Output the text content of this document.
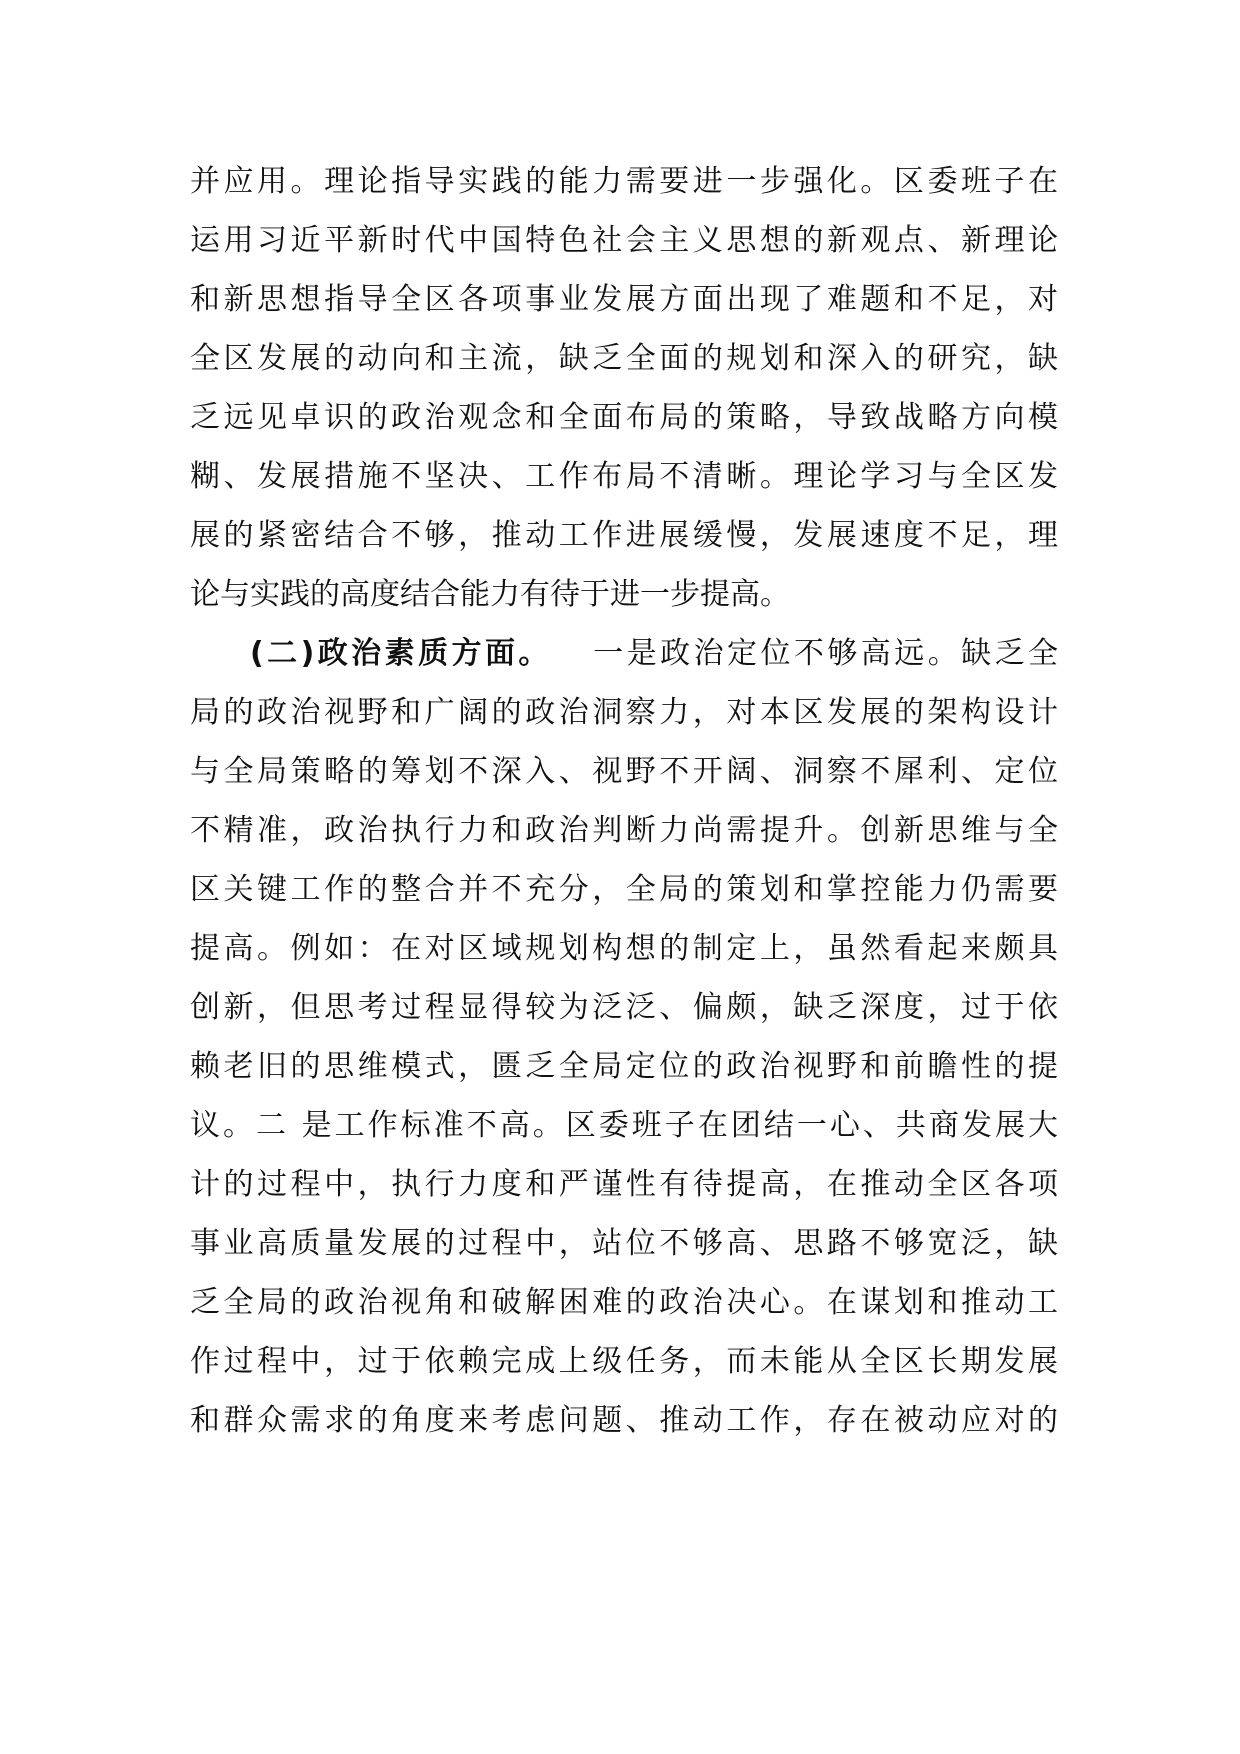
并应用。理论指导实践的能力需要进一步强化。区委班子在
运用习近平新时代中国特色社会主义思想的新观点、新理论
和新思想指导全区各项事业发展方面出现了难题和不足，对
全区发展的动向和主流，缺乏全面的规划和深入的研究，缺
乏远见卓识的政治观念和全面布局的策略，导致战略方向模
糊、发展措施不坚决、工作布局不清晰。理论学习与全区发
展的紧密结合不够，推动工作进展缓慢，发展速度不足，理
论与实践的高度结合能力有待于进一步提高。
(二)政治素质方面。 一是政治定位不够高远。缺乏全
局的政治视野和广阔的政治洞察力，对本区发展的架构设计
与全局策略的筹划不深入、视野不开阔、洞察不犀利、定位
不精准，政治执行力和政治判断力尚需提升。创新思维与全
区关键工作的整合并不充分，全局的策划和掌控能力仍需要
提高。例如：在对区域规划构想的制定上，虽然看起来颇具
创新，但思考过程显得较为泛泛、偏颇，缺乏深度，过于依
赖老旧的思维模式，匮乏全局定位的政治视野和前瞻性的提
议。二 是工作标准不高。区委班子在团结一心、共商发展大
计的过程中，执行力度和严谨性有待提高，在推动全区各项
事业高质量发展的过程中，站位不够高、思路不够宽泛，缺
乏全局的政治视角和破解困难的政治决心。在谋划和推动工
作过程中，过于依赖完成上级任务，而未能从全区长期发展
和群众需求的角度来考虑问题、推动工作，存在被动应对的
